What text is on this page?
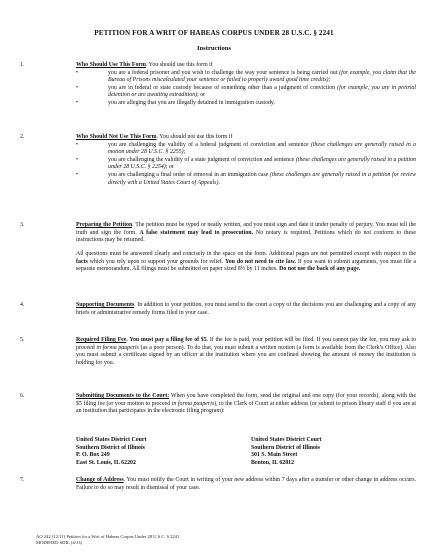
PETITION FOR A WRIT OF HABEAS CORPUS UNDER 28 U.S.C. § 2241
Instructions
1.	Who Should Use This Form. You should use this form if
•	you are a federal prisoner and you wish to challenge the way your sentence is being carried out (for example, you claim that the Bureau of Prisons miscalculated your sentence or failed to properly award good time credits);
•	you are in federal or state custody because of something other than a judgment of conviction (for example, you are in pretrial detention or are awaiting extradition); or
•	you are alleging that you are illegally detained in immigration custody.
2.	Who Should Not Use This Form. You should not use this form if
•	you are challenging the validity of a federal judgment of conviction and sentence (these challenges are generally raised in a motion under 28 U.S.C. § 2255);
•	you are challenging the validity of a state judgment of conviction and sentence (these challenges are generally raised in a petition under 28 U.S.C. § 2254); or
•	you are challenging a final order of removal in an immigration case (these challenges are generally raised in a petition for review directly with a United States Court of Appeals).
3.	Preparing the Petition. The petition must be typed or neatly written, and you must sign and date it under penalty of perjury. You must tell the truth and sign the form. A false statement may lead to prosecution. No notary is required. Petitions which do not conform to these instructions may be returned.
All questions must be answered clearly and concisely in the space on the form. Additional pages are not permitted except with respect to the facts which you rely upon to support your grounds for relief. You do not need to cite law. If you want to submit arguments, you must file a separate memorandum. All filings must be submitted on paper sized 8½ by 11 inches. Do not use the back of any page.
4.	Supporting Documents. In addition to your petition, you must send to the court a copy of the decisions you are challenging and a copy of any briefs or administrative remedy forms filed in your case.
5.	Required Filing Fee. You must pay a filing fee of $5. If the fee is paid, your petition will be filed. If you cannot pay the fee, you may ask to proceed in forma pauperis (as a poor person). To do that, you must submit a written motion (a form is available from the Clerk’s Office). Also you must submit a certificate signed by an officer at the institution where you are confined showing the amount of money the institution is holding for you.
6.	Submitting Documents to the Court: When you have completed the form, send the original and one copy (for your records), along with the $5 filing fee (or your motion to proceed in forma pauperis), to the Clerk of Court at either address (or submit to prison library staff if you are at an institution that participates in the electronic filing program):
United States District Court
Southern District of Illinois
P. O. Box 249
East St. Louis, IL 62202
United States District Court
Southern District of Illinois
301 S. Main Street
Benton, IL 62812
7.	Change of Address. You must notify the Court in writing of your new address within 7 days after a transfer or other change in address occurs. Failure to do so may result in dismissal of your case.
AO 242 (12/11) Petition for a Writ of Habeas Corpus Under 28 U.S.C. § 2241
MODIFIED SDIL (4/13)
